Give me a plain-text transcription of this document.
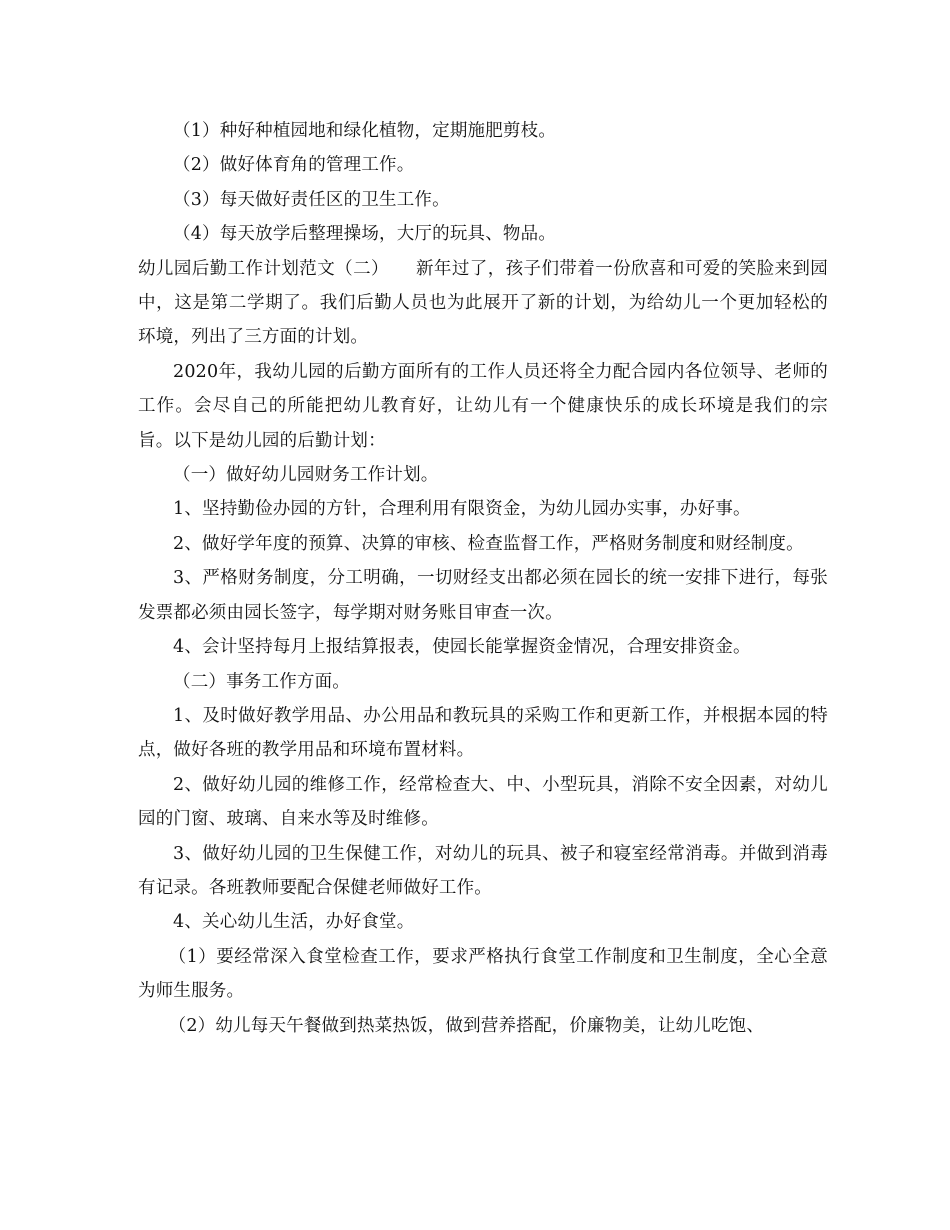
（1）种好种植园地和绿化植物，定期施肥剪枝。

（2）做好体育角的管理工作。

（3）每天做好责任区的卫生工作。

（4）每天放学后整理操场，大厅的玩具、物品。

幼儿园后勤工作计划范文（二）　　新年过了，孩子们带着一份欣喜和可爱的笑脸来到园中，这是第二学期了。我们后勤人员也为此展开了新的计划，为给幼儿一个更加轻松的环境，列出了三方面的计划。

2020年，我幼儿园的后勤方面所有的工作人员还将全力配合园内各位领导、老师的工作。会尽自己的所能把幼儿教育好，让幼儿有一个健康快乐的成长环境是我们的宗旨。以下是幼儿园的后勤计划：

（一）做好幼儿园财务工作计划。

1、坚持勤俭办园的方针，合理利用有限资金，为幼儿园办实事，办好事。

2、做好学年度的预算、决算的审核、检查监督工作，严格财务制度和财经制度。

3、严格财务制度，分工明确，一切财经支出都必须在园长的统一安排下进行，每张发票都必须由园长签字，每学期对财务账目审查一次。

4、会计坚持每月上报结算报表，使园长能掌握资金情况，合理安排资金。

（二）事务工作方面。

1、及时做好教学用品、办公用品和教玩具的采购工作和更新工作，并根据本园的特点，做好各班的教学用品和环境布置材料。

2、做好幼儿园的维修工作，经常检查大、中、小型玩具，消除不安全因素，对幼儿园的门窗、玻璃、自来水等及时维修。

3、做好幼儿园的卫生保健工作，对幼儿的玩具、被子和寝室经常消毒。并做到消毒有记录。各班教师要配合保健老师做好工作。

4、关心幼儿生活，办好食堂。

（1）要经常深入食堂检查工作，要求严格执行食堂工作制度和卫生制度，全心全意为师生服务。

（2）幼儿每天午餐做到热菜热饭，做到营养搭配，价廉物美，让幼儿吃饱、
